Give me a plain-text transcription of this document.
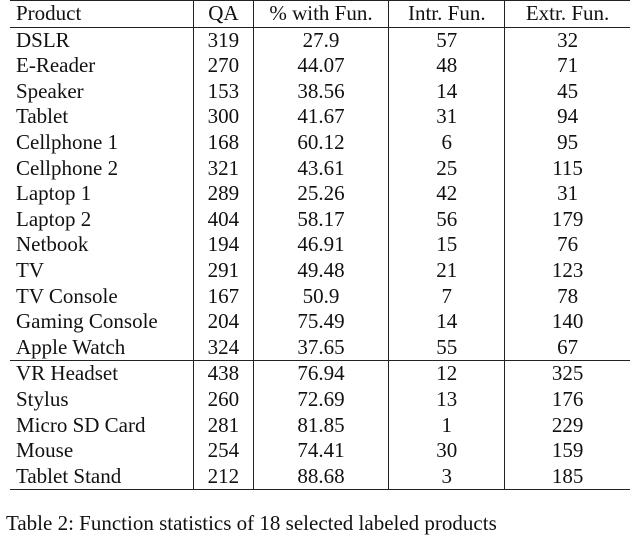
Product	QA	% with Fun.	Intr. Fun.	Extr. Fun.
DSLR	319	27.9	57	32
E-Reader	270	44.07	48	71
Speaker	153	38.56	14	45
Tablet	300	41.67	31	94
Cellphone 1	168	60.12	6	95
Cellphone 2	321	43.61	25	115
Laptop 1	289	25.26	42	31
Laptop 2	404	58.17	56	179
Netbook	194	46.91	15	76
TV	291	49.48	21	123
TV Console	167	50.9	7	78
Gaming Console	204	75.49	14	140
Apple Watch	324	37.65	55	67
VR Headset	438	76.94	12	325
Stylus	260	72.69	13	176
Micro SD Card	281	81.85	1	229
Mouse	254	74.41	30	159
Tablet Stand	212	88.68	3	185
Table 2: Function statistics of 18 selected labeled products
